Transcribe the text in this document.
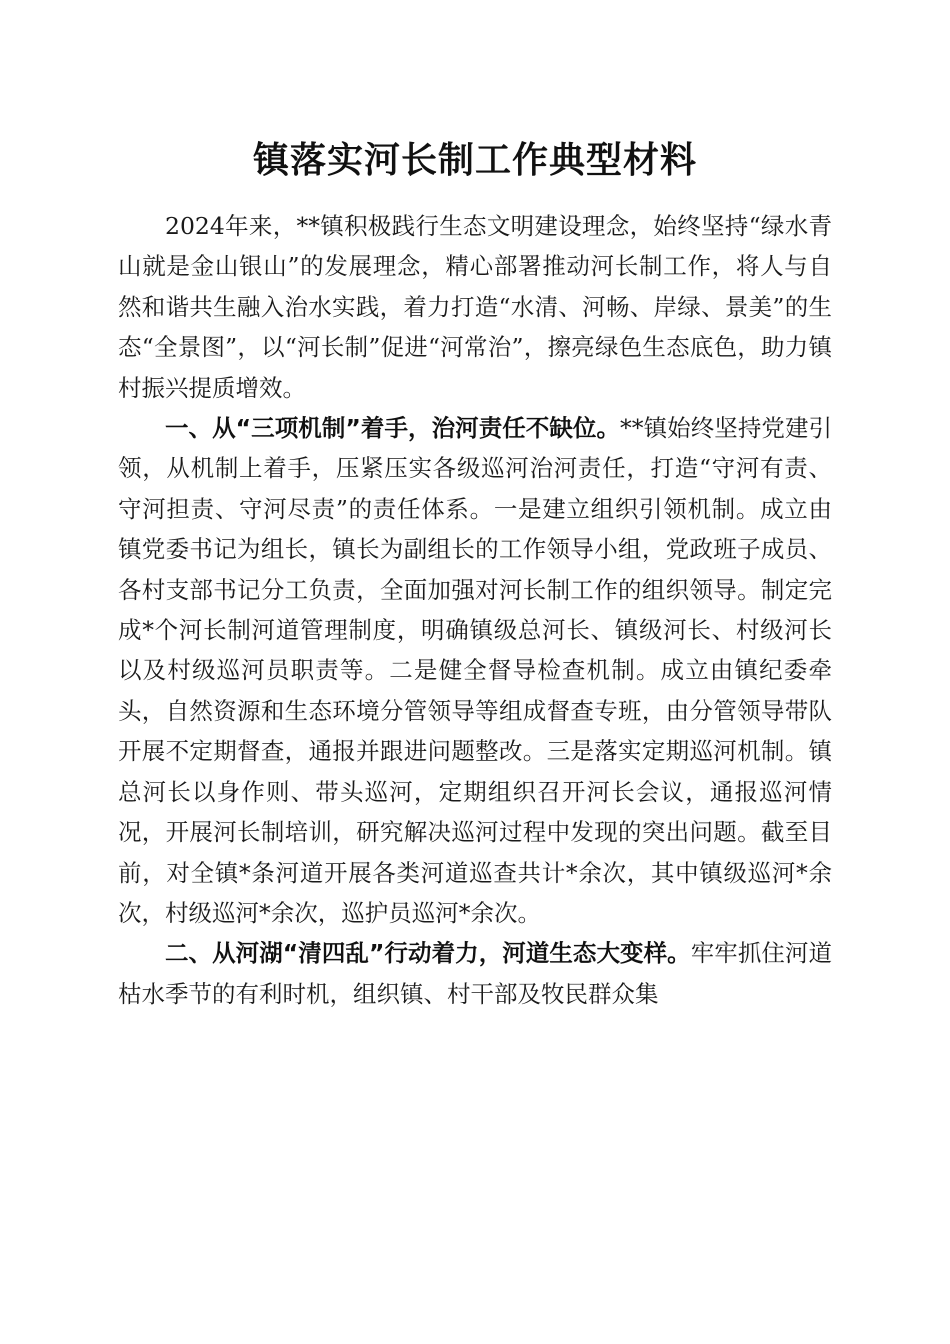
镇落实河长制工作典型材料

2024年来，**镇积极践行生态文明建设理念，始终坚持“绿水青山就是金山银山”的发展理念，精心部署推动河长制工作，将人与自然和谐共生融入治水实践，着力打造“水清、河畅、岸绿、景美”的生态“全景图”，以“河长制”促进“河常治”，擦亮绿色生态底色，助力镇村振兴提质增效。

一、从“三项机制”着手，治河责任不缺位。**镇始终坚持党建引领，从机制上着手，压紧压实各级巡河治河责任，打造“守河有责、守河担责、守河尽责”的责任体系。一是建立组织引领机制。成立由镇党委书记为组长，镇长为副组长的工作领导小组，党政班子成员、各村支部书记分工负责，全面加强对河长制工作的组织领导。制定完成*个河长制河道管理制度，明确镇级总河长、镇级河长、村级河长以及村级巡河员职责等。二是健全督导检查机制。成立由镇纪委牵头，自然资源和生态环境分管领导等组成督查专班，由分管领导带队开展不定期督查，通报并跟进问题整改。三是落实定期巡河机制。镇总河长以身作则、带头巡河，定期组织召开河长会议，通报巡河情况，开展河长制培训，研究解决巡河过程中发现的突出问题。截至目前，对全镇*条河道开展各类河道巡查共计*余次，其中镇级巡河*余次，村级巡河*余次，巡护员巡河*余次。

二、从河湖“清四乱”行动着力，河道生态大变样。牢牢抓住河道枯水季节的有利时机，组织镇、村干部及牧民群众集
